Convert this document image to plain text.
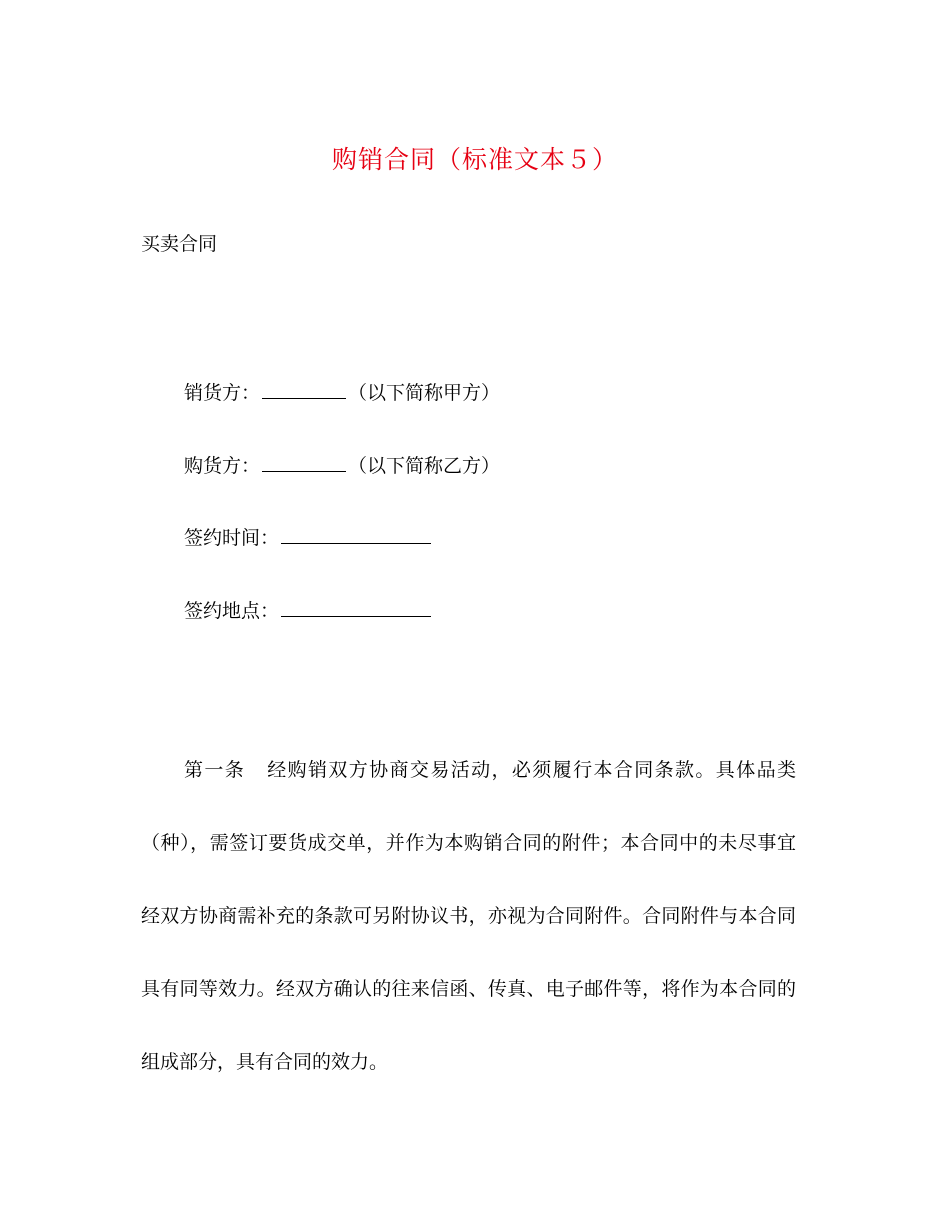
购销合同（标准文本５）
买卖合同
销货方：	（以下简称甲方）
购货方：	（以下简称乙方）
签约时间：
签约地点：
第一条 经购销双方协商交易活动，必须履行本合同条款。具体品类（种），需签订要货成交单，并作为本购销合同的附件；本合同中的未尽事宜经双方协商需补充的条款可另附协议书，亦视为合同附件。合同附件与本合同具有同等效力。经双方确认的往来信函、传真、电子邮件等，将作为本合同的组成部分，具有合同的效力。
